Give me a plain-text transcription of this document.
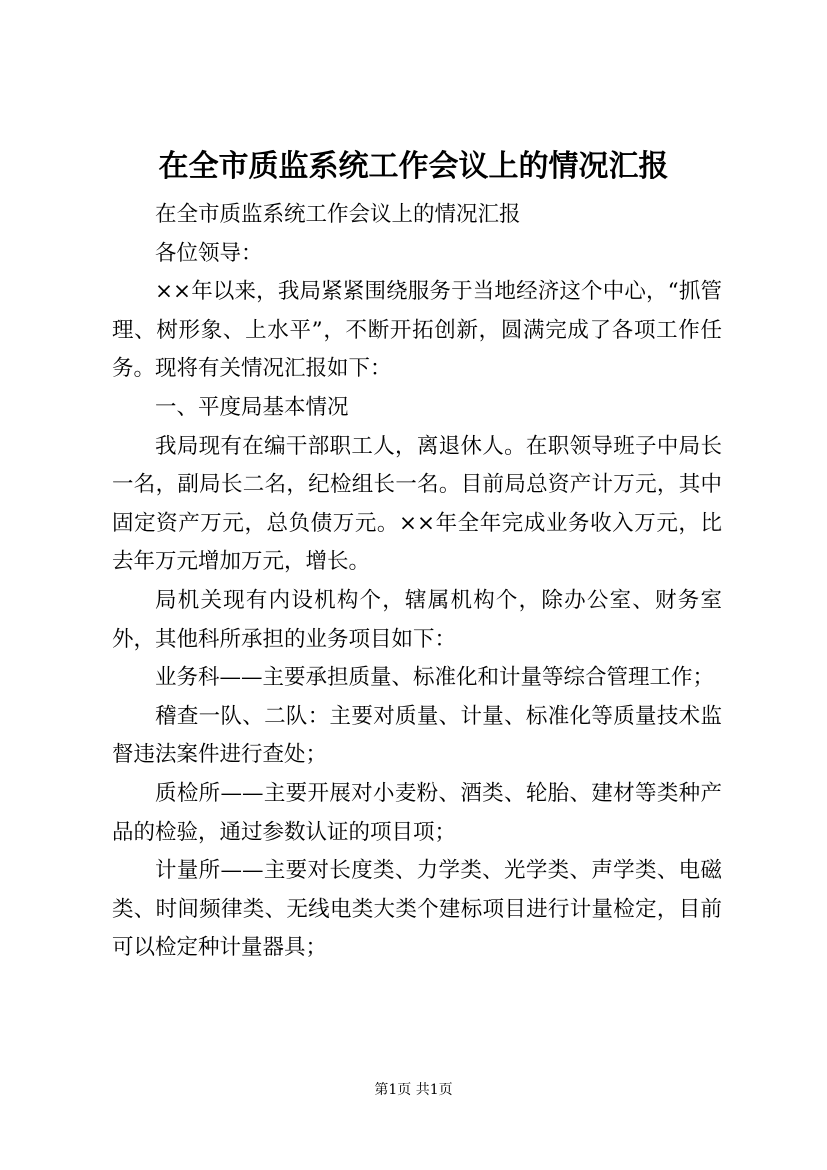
在全市质监系统工作会议上的情况汇报

在全市质监系统工作会议上的情况汇报

各位领导：

××年以来，我局紧紧围绕服务于当地经济这个中心，“抓管理、树形象、上水平”，不断开拓创新，圆满完成了各项工作任务。现将有关情况汇报如下：

一、平度局基本情况

我局现有在编干部职工人，离退休人。在职领导班子中局长一名，副局长二名，纪检组长一名。目前局总资产计万元，其中固定资产万元，总负债万元。××年全年完成业务收入万元，比去年万元增加万元，增长。

局机关现有内设机构个，辖属机构个，除办公室、财务室外，其他科所承担的业务项目如下：

业务科——主要承担质量、标准化和计量等综合管理工作；

稽查一队、二队：主要对质量、计量、标准化等质量技术监督违法案件进行查处；

质检所——主要开展对小麦粉、酒类、轮胎、建材等类种产品的检验，通过参数认证的项目项；

计量所——主要对长度类、力学类、光学类、声学类、电磁类、时间频律类、无线电类大类个建标项目进行计量检定，目前可以检定种计量器具；

第1页 共1页
